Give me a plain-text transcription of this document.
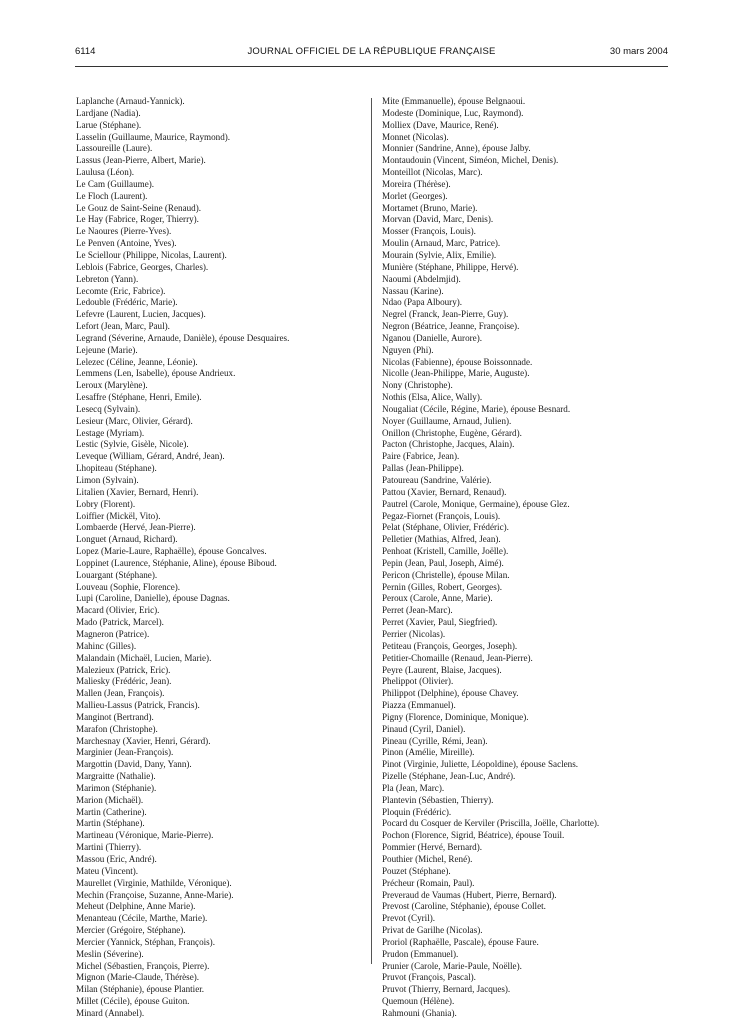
6114	JOURNAL OFFICIEL DE LA RÉPUBLIQUE FRANÇAISE	30 mars 2004
Laplanche (Arnaud-Yannick).
Lardjane (Nadia).
Larue (Stéphane).
Lasselin (Guillaume, Maurice, Raymond).
Lassoureille (Laure).
Lassus (Jean-Pierre, Albert, Marie).
Laulusa (Léon).
Le Cam (Guillaume).
Le Floch (Laurent).
Le Gouz de Saint-Seine (Renaud).
Le Hay (Fabrice, Roger, Thierry).
Le Naoures (Pierre-Yves).
Le Penven (Antoine, Yves).
Le Sciellour (Philippe, Nicolas, Laurent).
Leblois (Fabrice, Georges, Charles).
Lebreton (Yann).
Lecomte (Eric, Fabrice).
Ledouble (Frédéric, Marie).
Lefevre (Laurent, Lucien, Jacques).
Lefort (Jean, Marc, Paul).
Legrand (Séverine, Arnaude, Danièle), épouse Desquaires.
Lejeune (Marie).
Lelezec (Céline, Jeanne, Léonie).
Lemmens (Len, Isabelle), épouse Andrieux.
Leroux (Marylène).
Lesaffre (Stéphane, Henri, Emile).
Lesecq (Sylvain).
Lesieur (Marc, Olivier, Gérard).
Lestage (Myriam).
Lestic (Sylvie, Gisèle, Nicole).
Leveque (William, Gérard, André, Jean).
Lhopiteau (Stéphane).
Limon (Sylvain).
Litalien (Xavier, Bernard, Henri).
Lobry (Florent).
Loiffier (Mickël, Vito).
Lombaerde (Hervé, Jean-Pierre).
Longuet (Arnaud, Richard).
Lopez (Marie-Laure, Raphaëlle), épouse Goncalves.
Loppinet (Laurence, Stéphanie, Aline), épouse Biboud.
Louargant (Stéphane).
Louveau (Sophie, Florence).
Lupi (Caroline, Danielle), épouse Dagnas.
Macard (Olivier, Eric).
Mado (Patrick, Marcel).
Magneron (Patrice).
Mahinc (Gilles).
Malandain (Michaël, Lucien, Marie).
Malezieux (Patrick, Eric).
Maliesky (Frédéric, Jean).
Mallen (Jean, François).
Mallieu-Lassus (Patrick, Francis).
Manginot (Bertrand).
Marafon (Christophe).
Marchesnay (Xavier, Henri, Gérard).
Marginier (Jean-François).
Margottin (David, Dany, Yann).
Margraitte (Nathalie).
Marimon (Stéphanie).
Marion (Michaël).
Martin (Catherine).
Martin (Stéphane).
Martineau (Véronique, Marie-Pierre).
Martini (Thierry).
Massou (Eric, André).
Mateu (Vincent).
Maurellet (Virginie, Mathilde, Véronique).
Mechin (Françoise, Suzanne, Anne-Marie).
Meheut (Delphine, Anne Marie).
Menanteau (Cécile, Marthe, Marie).
Mercier (Grégoire, Stéphane).
Mercier (Yannick, Stéphan, François).
Meslin (Séverine).
Michel (Sébastien, François, Pierre).
Mignon (Marie-Claude, Thérèse).
Milan (Stéphanie), épouse Plantier.
Millet (Cécile), épouse Guiton.
Minard (Annabel).
Mite (Emmanuelle), épouse Belgnaoui.
Modeste (Dominique, Luc, Raymond).
Molliex (Dave, Maurice, René).
Monnet (Nicolas).
Monnier (Sandrine, Anne), épouse Jalby.
Montaudouin (Vincent, Siméon, Michel, Denis).
Monteillot (Nicolas, Marc).
Moreira (Thérèse).
Morlet (Georges).
Mortamet (Bruno, Marie).
Morvan (David, Marc, Denis).
Mosser (François, Louis).
Moulin (Arnaud, Marc, Patrice).
Mourain (Sylvie, Alix, Emilie).
Munière (Stéphane, Philippe, Hervé).
Naoumi (Abdelmjid).
Nassau (Karine).
Ndao (Papa Alboury).
Negrel (Franck, Jean-Pierre, Guy).
Negron (Béatrice, Jeanne, Françoise).
Nganou (Danielle, Aurore).
Nguyen (Phi).
Nicolas (Fabienne), épouse Boissonnade.
Nicolle (Jean-Philippe, Marie, Auguste).
Nony (Christophe).
Nothis (Elsa, Alice, Wally).
Nougaliat (Cécile, Régine, Marie), épouse Besnard.
Noyer (Guillaume, Arnaud, Julien).
Onillon (Christophe, Eugène, Gérard).
Pacton (Christophe, Jacques, Alain).
Paire (Fabrice, Jean).
Pallas (Jean-Philippe).
Patoureau (Sandrine, Valérie).
Pattou (Xavier, Bernard, Renaud).
Pautrel (Carole, Monique, Germaine), épouse Glez.
Pegaz-Fiornet (François, Louis).
Pelat (Stéphane, Olivier, Frédéric).
Pelletier (Mathias, Alfred, Jean).
Penhoat (Kristell, Camille, Joëlle).
Pepin (Jean, Paul, Joseph, Aimé).
Pericon (Christelle), épouse Milan.
Pernin (Gilles, Robert, Georges).
Peroux (Carole, Anne, Marie).
Perret (Jean-Marc).
Perret (Xavier, Paul, Siegfried).
Perrier (Nicolas).
Petiteau (François, Georges, Joseph).
Petitier-Chomaille (Renaud, Jean-Pierre).
Peyre (Laurent, Blaise, Jacques).
Phelippot (Olivier).
Philippot (Delphine), épouse Chavey.
Piazza (Emmanuel).
Pigny (Florence, Dominique, Monique).
Pinaud (Cyril, Daniel).
Pineau (Cyrille, Rémi, Jean).
Pinon (Amélie, Mireille).
Pinot (Virginie, Juliette, Léopoldine), épouse Saclens.
Pizelle (Stéphane, Jean-Luc, André).
Pla (Jean, Marc).
Plantevin (Sébastien, Thierry).
Ploquin (Frédéric).
Pocard du Cosquer de Kerviler (Priscilla, Joëlle, Charlotte).
Pochon (Florence, Sigrid, Béatrice), épouse Touil.
Pommier (Hervé, Bernard).
Pouthier (Michel, René).
Pouzet (Stéphane).
Précheur (Romain, Paul).
Preveraud de Vaumas (Hubert, Pierre, Bernard).
Prevost (Caroline, Stéphanie), épouse Collet.
Prevot (Cyril).
Privat de Garilhe (Nicolas).
Proriol (Raphaëlle, Pascale), épouse Faure.
Prudon (Emmanuel).
Prunier (Carole, Marie-Paule, Noëlle).
Pruvot (François, Pascal).
Pruvot (Thierry, Bernard, Jacques).
Quemoun (Hélène).
Rahmouni (Ghania).
